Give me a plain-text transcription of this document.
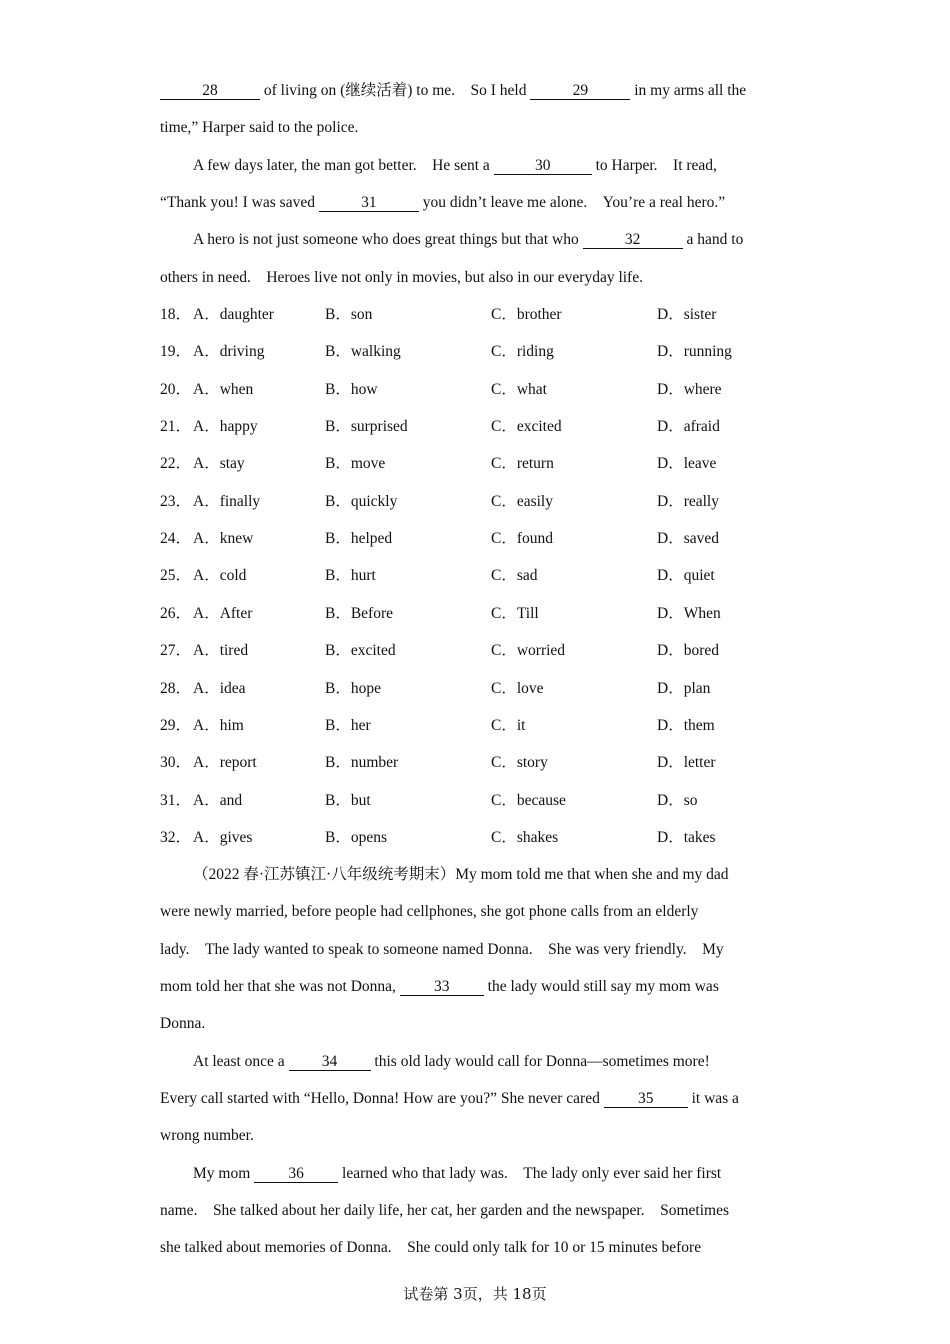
28	of living on (继续活着) to me.　So I held	29	in my arms all the
time,” Harper said to the police.
A few days later, the man got better.　He sent a	30	to Harper.　It read,
“Thank you! I was saved	31	you didn’t leave me alone.　You’re a real hero.”
A hero is not just someone who does great things but that who	32	a hand to
others in need.　Heroes live not only in movies, but also in our everyday life.
18． A．daughter	B．son	C．brother	D．sister
19． A．driving	B．walking	C．riding	D．running
20． A．when	B．how	C．what	D．where
21． A．happy	B．surprised	C．excited	D．afraid
22． A．stay	B．move	C．return	D．leave
23． A．finally	B．quickly	C．easily	D．really
24． A．knew	B．helped	C．found	D．saved
25． A．cold	B．hurt	C．sad	D．quiet
26． A．After	B．Before	C．Till	D．When
27． A．tired	B．excited	C．worried	D．bored
28． A．idea	B．hope	C．love	D．plan
29． A．him	B．her	C．it	D．them
30． A．report	B．number	C．story	D．letter
31． A．and	B．but	C．because	D．so
32． A．gives	B．opens	C．shakes	D．takes
（2022 春·江苏镇江·八年级统考期末）My mom told me that when she and my dad
were newly married, before people had cellphones, she got phone calls from an elderly
lady.　The lady wanted to speak to someone named Donna.　She was very friendly.　My
mom told her that she was not Donna, 33 the lady would still say my mom was
Donna.
At least once a 34 this old lady would call for Donna—sometimes more!
Every call started with “Hello, Donna! How are you?” She never cared 35 it was a
wrong number.
My mom 36 learned who that lady was.　The lady only ever said her first
name.　She talked about her daily life, her cat, her garden and the newspaper.　Sometimes
she talked about memories of Donna.　She could only talk for 10 or 15 minutes before
试卷第 3页，共 18页
